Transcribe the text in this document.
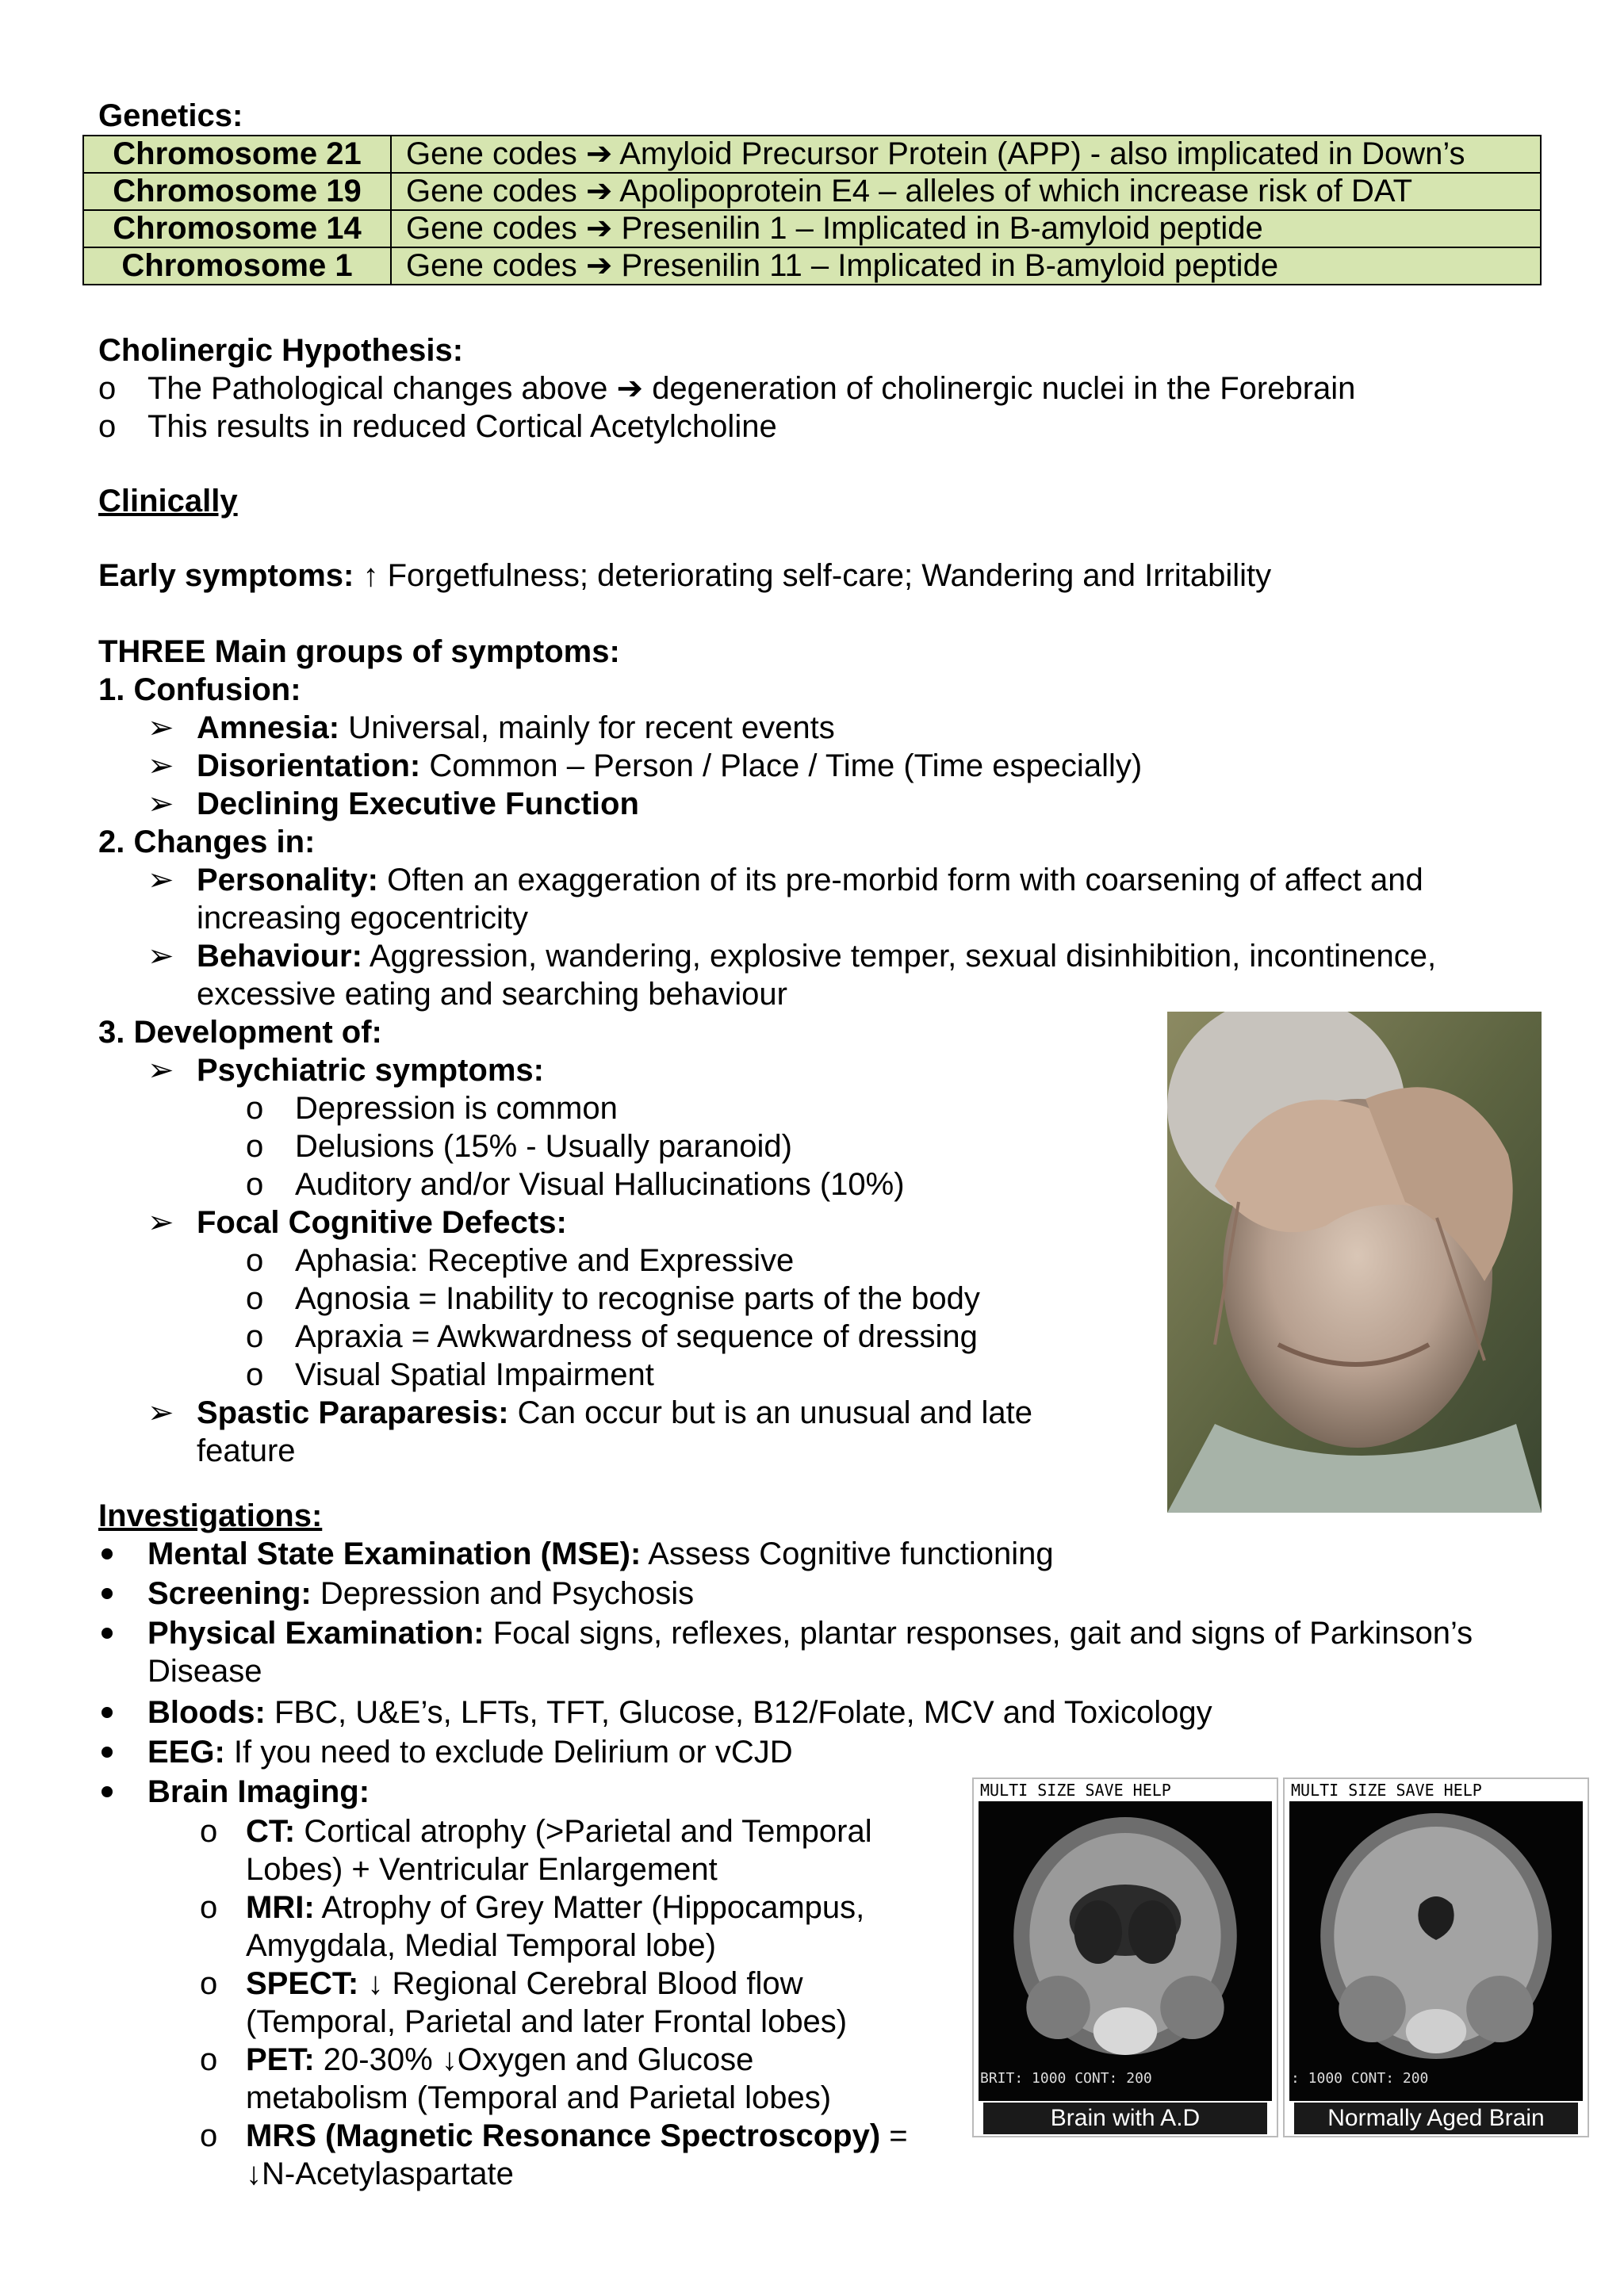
Genetics:
Chromosome 21	Gene codes ➔ Amyloid Precursor Protein (APP) - also implicated in Down’s
Chromosome 19	Gene codes ➔ Apolipoprotein E4 – alleles of which increase risk of DAT
Chromosome 14	Gene codes ➔ Presenilin 1 – Implicated in B-amyloid peptide
Chromosome 1	Gene codes ➔ Presenilin 11 – Implicated in B-amyloid peptide
Cholinergic Hypothesis:
o The Pathological changes above ➔ degeneration of cholinergic nuclei in the Forebrain
o This results in reduced Cortical Acetylcholine
Clinically
Early symptoms: ↑ Forgetfulness; deteriorating self-care; Wandering and Irritability
THREE Main groups of symptoms:
1. Confusion:
➢ Amnesia: Universal, mainly for recent events
➢ Disorientation: Common – Person / Place / Time (Time especially)
➢ Declining Executive Function
2. Changes in:
➢ Personality: Often an exaggeration of its pre-morbid form with coarsening of affect and
increasing egocentricity
➢ Behaviour: Aggression, wandering, explosive temper, sexual disinhibition, incontinence,
excessive eating and searching behaviour
3. Development of:
➢ Psychiatric symptoms:
o Depression is common
o Delusions (15% - Usually paranoid)
o Auditory and/or Visual Hallucinations (10%)
➢ Focal Cognitive Defects:
o Aphasia: Receptive and Expressive
o Agnosia = Inability to recognise parts of the body
o Apraxia = Awkwardness of sequence of dressing
o Visual Spatial Impairment
➢ Spastic Paraparesis: Can occur but is an unusual and late
feature
Investigations:
Mental State Examination (MSE): Assess Cognitive functioning
Screening: Depression and Psychosis
Physical Examination: Focal signs, reflexes, plantar responses, gait and signs of Parkinson’s
Disease
Bloods: FBC, U&E’s, LFTs, TFT, Glucose, B12/Folate, MCV and Toxicology
EEG: If you need to exclude Delirium or vCJD
Brain Imaging:
o CT: Cortical atrophy (>Parietal and Temporal
Lobes) + Ventricular Enlargement
o MRI: Atrophy of Grey Matter (Hippocampus,
Amygdala, Medial Temporal lobe)
o SPECT: ↓ Regional Cerebral Blood flow
(Temporal, Parietal and later Frontal lobes)
o PET: 20-30% ↓Oxygen and Glucose
metabolism (Temporal and Parietal lobes)
o MRS (Magnetic Resonance Spectroscopy) =
↓N-Acetylaspartate
MULTI SIZE SAVE HELP
BRIT: 1000 CONT: 200
Brain with A.D
MULTI SIZE SAVE HELP
: 1000 CONT: 200
Normally Aged Brain
